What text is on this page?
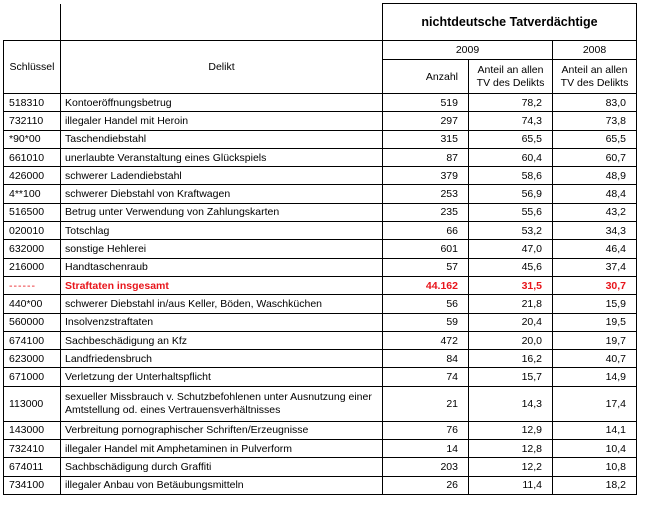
		nichtdeutsche Tatverdächtige		
Schlüssel	Delikt	2009		2008
		Anzahl	Anteil an allen TV des Delikts	Anteil an allen TV des Delikts
518310	Kontoeröffnungsbetrug	519	78,2	83,0
732110	illegaler Handel mit Heroin	297	74,3	73,8
*90*00	Taschendiebstahl	315	65,5	65,5
661010	unerlaubte Veranstaltung eines Glückspiels	87	60,4	60,7
426000	schwerer Ladendiebstahl	379	58,6	48,9
4**100	schwerer Diebstahl von Kraftwagen	253	56,9	48,4
516500	Betrug unter Verwendung von Zahlungskarten	235	55,6	43,2
020010	Totschlag	66	53,2	34,3
632000	sonstige Hehlerei	601	47,0	46,4
216000	Handtaschenraub	57	45,6	37,4
------	Straftaten insgesamt	44.162	31,5	30,7
440*00	schwerer Diebstahl in/aus Keller, Böden, Waschküchen	56	21,8	15,9
560000	Insolvenzstraftaten	59	20,4	19,5
674100	Sachbeschädigung an Kfz	472	20,0	19,7
623000	Landfriedensbruch	84	16,2	40,7
671000	Verletzung der Unterhaltspflicht	74	15,7	14,9
113000	sexueller Missbrauch v. Schutzbefohlenen unter Ausnutzung einer Amtstellung od. eines Vertrauensverhältnisses	21	14,3	17,4
143000	Verbreitung pornographischer Schriften/Erzeugnisse	76	12,9	14,1
732410	illegaler Handel mit Amphetaminen in Pulverform	14	12,8	10,4
674011	Sachbschädigung durch Graffiti	203	12,2	10,8
734100	illegaler Anbau von Betäubungsmitteln	26	11,4	18,2
